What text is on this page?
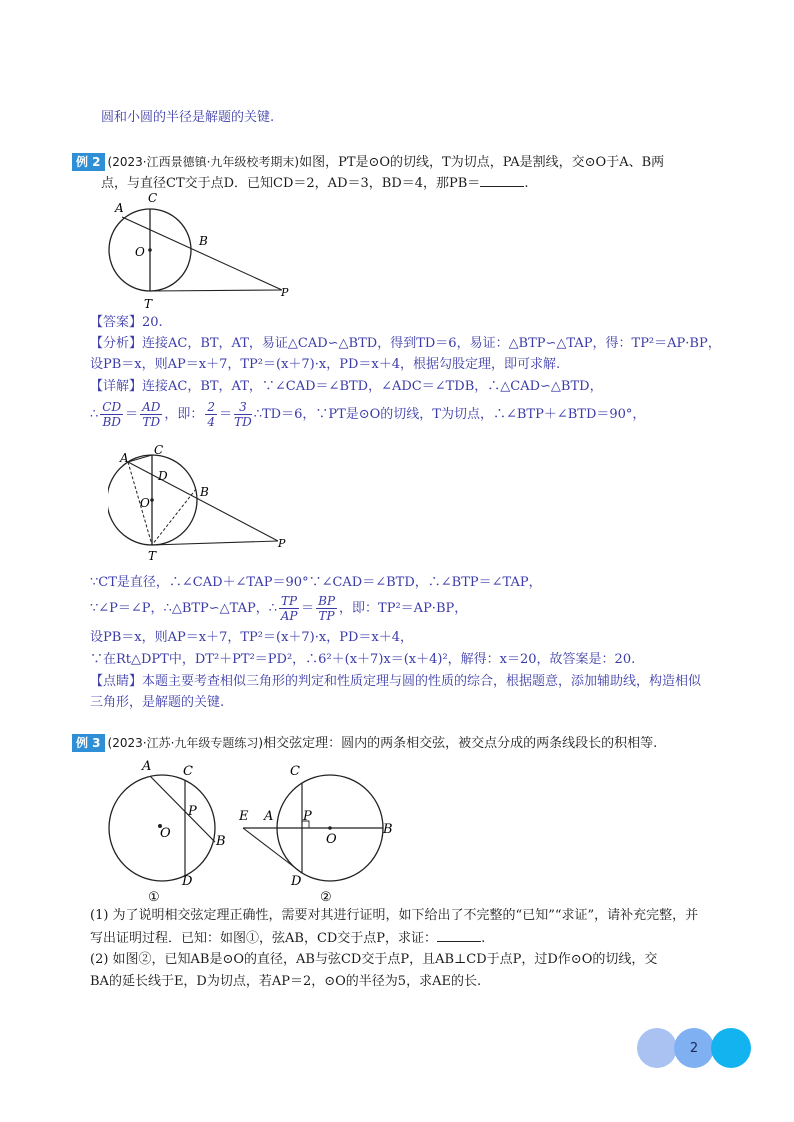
圆和小圆的半径是解题的关键.
例 2 (2023·江西景德镇·九年级校考期末)如图，PT是⊙O的切线，T为切点，PA是割线，交⊙O于A、B两
点，与直径CT交于点D．已知CD＝2，AD＝3，BD＝4，那PB＝	.
A
C
O
B
T
P
【答案】20.
【分析】连接AC，BT，AT，易证△CAD∽△BTD，得到TD＝6，易证：△BTP∽△TAP，得：TP²＝AP·BP，
设PB＝x，则AP＝x＋7，TP²＝(x＋7)·x，PD＝x＋4，根据勾股定理，即可求解.
【详解】连接AC，BT，AT，∵∠CAD＝∠BTD，∠ADC＝∠TDB，∴△CAD∽△BTD，
∴ $\frac{CD}{BD} = \frac{AD}{TD}$ ，即： $\frac{2}{4} = \frac{3}{TD}$ ∴TD＝6，∵PT是⊙O的切线，T为切点，∴∠BTP＋∠BTD＝90°，
A
C
D
O
B
T
P
∵CT是直径，∴∠CAD＋∠TAP＝90°∵∠CAD＝∠BTD，∴∠BTP＝∠TAP，
∵∠P＝∠P，∴△BTP∽△TAP，∴ $\frac{TP}{AP} = \frac{BP}{TP}$ ，即：TP²＝AP·BP，
设PB＝x，则AP＝x＋7，TP²＝(x＋7)·x，PD＝x＋4，
∵在Rt△DPT中，DT²＋PT²＝PD²，∴6²＋(x＋7)x＝(x＋4)²，解得：x＝20，故答案是：20.
【点睛】本题主要考查相似三角形的判定和性质定理与圆的性质的综合，根据题意，添加辅助线，构造相似
三角形，是解题的关键.
例 3 (2023·江苏·九年级专题练习)相交弦定理：圆内的两条相交弦，被交点分成的两条线段长的积相等.
A C
P
O
B
D
①
C
E A P
O
B
D
②
(1) 为了说明相交弦定理正确性，需要对其进行证明，如下给出了不完整的“已知”“求证”，请补充完整，并
写出证明过程．已知：如图①，弦AB，CD交于点P，求证：	.
(2) 如图②，已知AB是⊙O的直径，AB与弦CD交于点P，且AB⊥CD于点P，过D作⊙O的切线，交
BA的延长线于E，D为切点，若AP＝2，⊙O的半径为5，求AE的长.
2
